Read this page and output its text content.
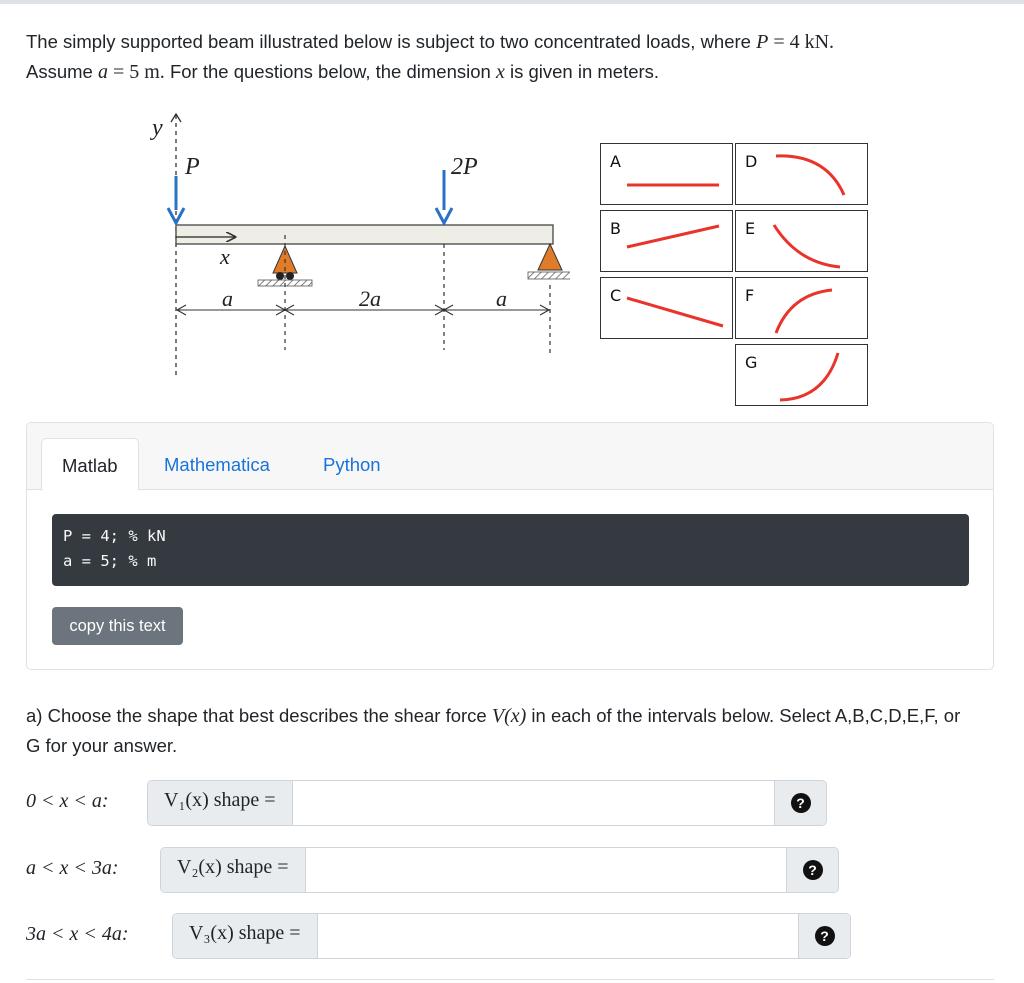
The simply supported beam illustrated below is subject to two concentrated loads, where P = 4 kN.
Assume a = 5 m. For the questions below, the dimension x is given in meters.
y
P	2P
x
a	2a	a
A	D
B	E
C	F
G
Matlab	Mathematica	Python
P = 4; % kN
a = 5; % m
copy this text
a) Choose the shape that best describes the shear force V(x) in each of the intervals below. Select A,B,C,D,E,F, or G for your answer.
0 < x < a:	V₁(x) shape =	?
a < x < 3a:	V₂(x) shape =	?
3a < x < 4a:	V₃(x) shape =	?
